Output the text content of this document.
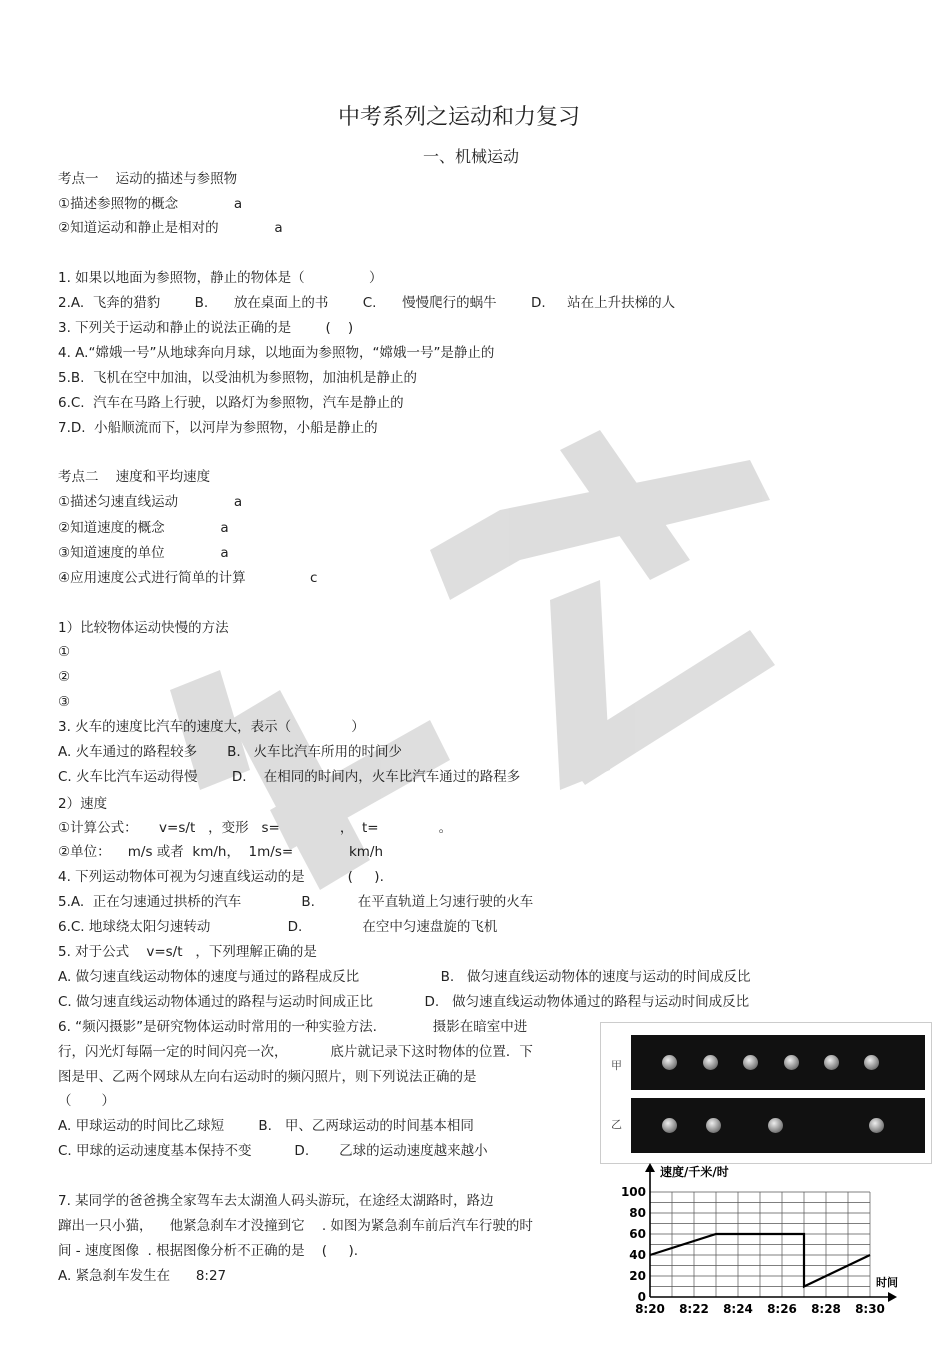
中考系列之运动和力复习
一、机械运动
考点一    运动的描述与参照物
①描述参照物的概念             a
②知道运动和静止是相对的             a
1. 如果以地面为参照物，静止的物体是（               ）
2.A.  飞奔的猎豹        B.      放在桌面上的书        C.      慢慢爬行的蜗牛        D.     站在上升扶梯的人
3. 下列关于运动和静止的说法正确的是        (    )
4. A.“嫦娥一号”从地球奔向月球，以地面为参照物，“嫦娥一号”是静止的
5.B.  飞机在空中加油，以受油机为参照物，加油机是静止的
6.C.  汽车在马路上行驶，以路灯为参照物，汽车是静止的
7.D.  小船顺流而下，以河岸为参照物，小船是静止的
考点二    速度和平均速度
①描述匀速直线运动             a
②知道速度的概念             a
③知道速度的单位             a
④应用速度公式进行简单的计算               c
1）比较物体运动快慢的方法
①
②
③
3. 火车的速度比汽车的速度大，表示（              ）
A. 火车通过的路程较多       B.   火车比汽车所用的时间少
C. 火车比汽车运动得慢        D.    在相同的时间内，火车比汽车通过的路程多
2）速度
①计算公式：     v=s/t   ，变形   s=              ，  t=              。
②单位：    m/s 或者  km/h，  1m/s=             km/h
4. 下列运动物体可视为匀速直线运动的是          (     ).
5.A.  正在匀速通过拱桥的汽车              B.          在平直轨道上匀速行驶的火车
6.C. 地球绕太阳匀速转动                  D.              在空中匀速盘旋的飞机
5. 对于公式    v=s/t   ，下列理解正确的是
A. 做匀速直线运动物体的速度与通过的路程成反比                   B.   做匀速直线运动物体的速度与运动的时间成反比
C. 做匀速直线运动物体通过的路程与运动时间成正比            D.   做匀速直线运动物体通过的路程与运动时间成反比
6. “频闪摄影”是研究物体运动时常用的一种实验方法.             摄影在暗室中进
行，闪光灯每隔一定的时间闪亮一次，          底片就记录下这时物体的位置．下
图是甲、乙两个网球从左向右运动时的频闪照片，则下列说法正确的是
（       ）
A. 甲球运动的时间比乙球短        B.   甲、乙两球运动的时间基本相同
C. 甲球的运动速度基本保持不变          D.       乙球的运动速度越来越小
7. 某同学的爸爸携全家驾车去太湖渔人码头游玩，在途经太湖路时，路边
蹿出一只小猫，    他紧急刹车才没撞到它    . 如图为紧急刹车前后汽车行驶的时
间 - 速度图像  . 根据图像分析不正确的是    (     ).
A. 紧急刹车发生在      8:27
甲
乙
0
20
40
60
80
100
8:20 8:22 8:24 8:26 8:28 8:30
速度/千米/时
时间
